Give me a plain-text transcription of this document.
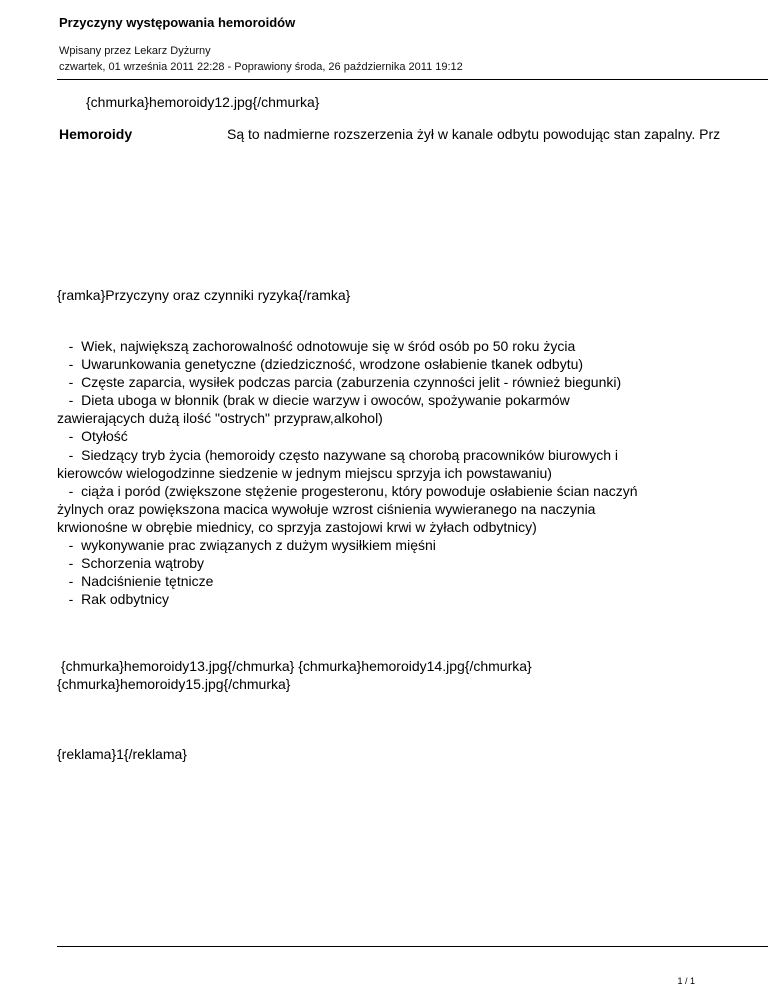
Przyczyny występowania hemoroidów
Wpisany przez Lekarz Dyżurny
czwartek, 01 września 2011 22:28 - Poprawiony środa, 26 października 2011 19:12
{chmurka}hemoroidy12.jpg{/chmurka}
Hemoroidy	Są to nadmierne rozszerzenia żył w kanale odbytu powodując stan zapalny. Prz
{ramka}Przyczyny oraz czynniki ryzyka{/ramka}
-  Wiek, największą zachorowalność odnotowuje się w śród osób po 50 roku życia
-  Uwarunkowania genetyczne (dziedziczność, wrodzone osłabienie tkanek odbytu)
-  Częste zaparcia, wysiłek podczas parcia (zaburzenia czynności jelit - również biegunki)
-  Dieta uboga w błonnik (brak w diecie warzyw i owoców, spożywanie pokarmów
zawierających dużą ilość "ostrych" przypraw,alkohol)
-  Otyłość
-  Siedzący tryb życia (hemoroidy często nazywane są chorobą pracowników biurowych i
kierowców wielogodzinne siedzenie w jednym miejscu sprzyja ich powstawaniu)
-  ciąża i poród (zwiększone stężenie progesteronu, który powoduje osłabienie ścian naczyń
żylnych oraz powiększona macica wywołuje wzrost ciśnienia wywieranego na naczynia
krwionośne w obrębie miednicy, co sprzyja zastojowi krwi w żyłach odbytnicy)
-  wykonywanie prac związanych z dużym wysiłkiem mięśni
-  Schorzenia wątroby
-  Nadciśnienie tętnicze
-  Rak odbytnicy
{chmurka}hemoroidy13.jpg{/chmurka} {chmurka}hemoroidy14.jpg{/chmurka}
{chmurka}hemoroidy15.jpg{/chmurka}
{reklama}1{/reklama}
1 / 1
